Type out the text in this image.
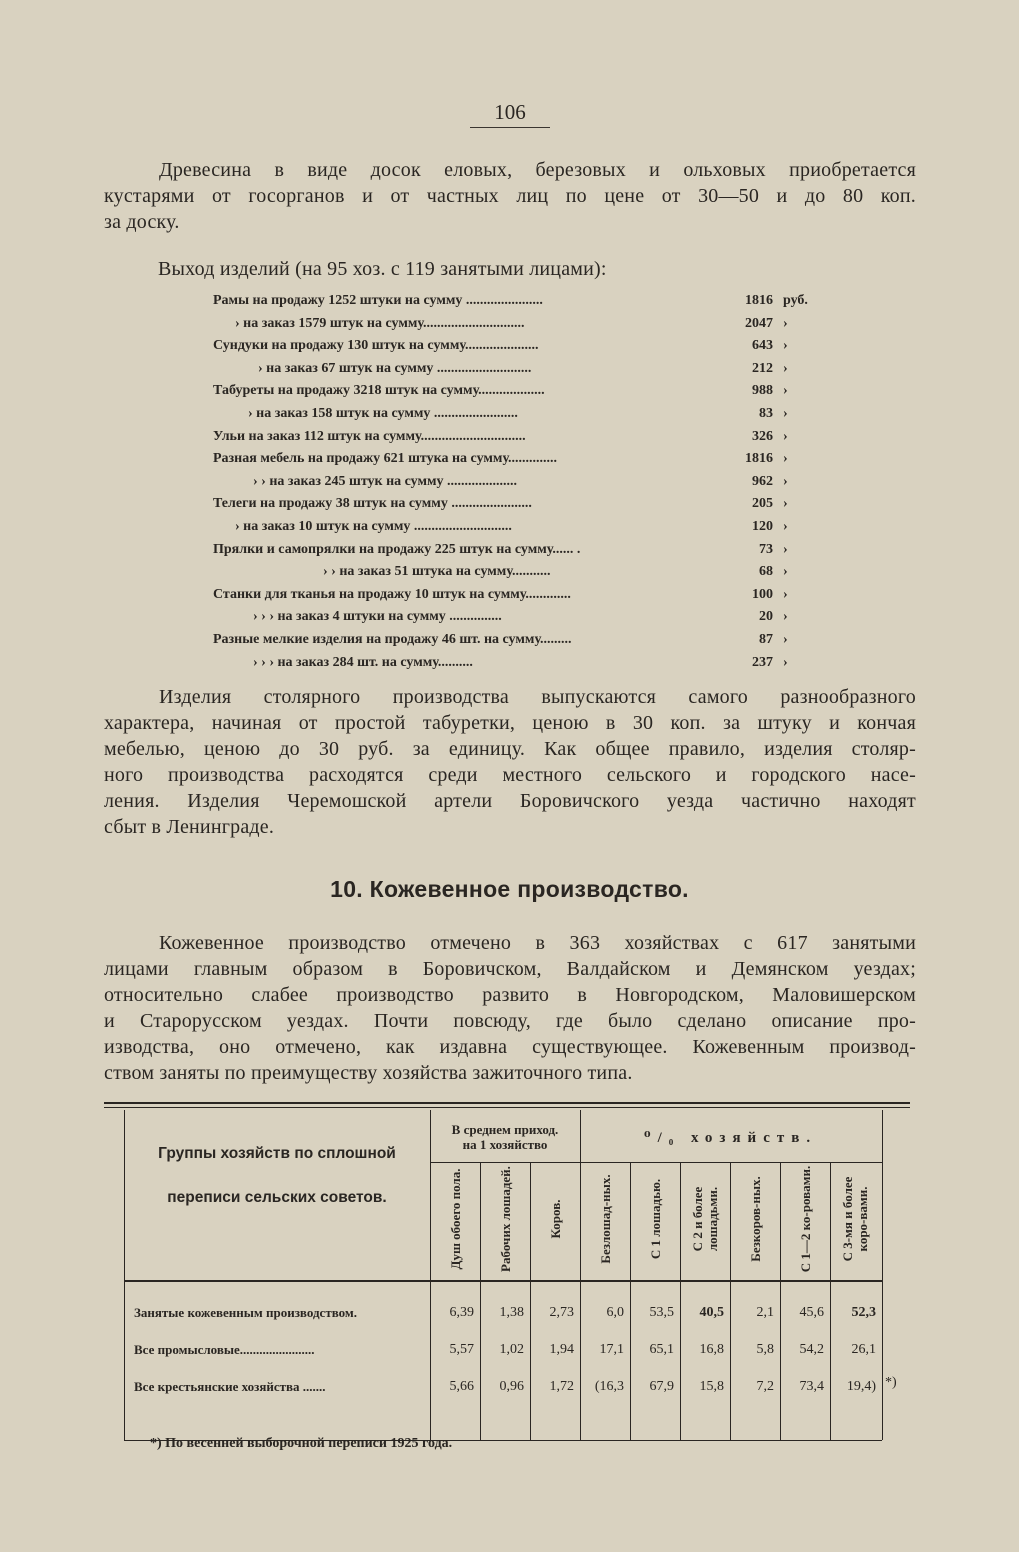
106
Древесина в виде досок еловых, березовых и ольховых приобретается
кустарями от госорганов и от частных лиц по цене от 30—50 и до 80 коп.
за доску.
Выход изделий (на 95 хоз. с 119 занятыми лицами):
Рамы на продажу 1252 штуки на сумму ......................	1816 руб.
› на заказ 1579 штук на сумму.............................	2047 ›
Сундуки на продажу 130 штук на сумму.....................	643 ›
› на заказ 67 штук на сумму ...........................	212 ›
Табуреты на продажу 3218 штук на сумму...................	988 ›
› на заказ 158 штук на сумму ........................	83 ›
Ульи на заказ 112 штук на сумму..............................	326 ›
Разная мебель на продажу 621 штука на сумму..............	1816 ›
› › на заказ 245 штук на сумму ....................	962 ›
Телеги на продажу 38 штук на сумму .......................	205 ›
› на заказ 10 штук на сумму ............................	120 ›
Прялки и самопрялки на продажу 225 штук на сумму...... .	73 ›
› › на заказ 51 штука на сумму...........	68 ›
Станки для тканья на продажу 10 штук на сумму.............	100 ›
› › › на заказ 4 штуки на сумму ...............	20 ›
Разные мелкие изделия на продажу 46 шт. на сумму.........	87 ›
› › › на заказ 284 шт. на сумму..........	237 ›
Изделия столярного производства выпускаются самого разнообразного
характера, начиная от простой табуретки, ценою в 30 коп. за штуку и кончая
мебелью, ценою до 30 руб. за единицу. Как общее правило, изделия столяр-
ного производства расходятся среди местного сельского и городского насе-
ления. Изделия Черемошской артели Боровичского уезда частично находят
сбыт в Ленинграде.
10. Кожевенное производство.
Кожевенное производство отмечено в 363 хозяйствах с 617 занятыми
лицами главным образом в Боровичском, Валдайском и Демянском уездах;
относительно слабее производство развито в Новгородском, Маловишерском
и Старорусском уездах. Почти повсюду, где было сделано описание про-
изводства, оно отмечено, как издавна существующее. Кожевенным производ-
ством заняты по преимуществу хозяйства зажиточного типа.
Группы хозяйств по сплошной
переписи сельских советов.
В среднем приход.
на 1 хозяйство	⁰/₀ хозяйств.
Душ обоего пола.	Рабочих лошадей.	Коров.	Безлошад-ных.	С 1 лошадью.	С 2 и более лошадьми.	Безкоров-ных.	С 1—2 ко-ровами.	С 3-мя и более коро-вами.
Занятые кожевенным производством.	6,39	1,38	2,73	6,0	53,5	40,5	2,1	45,6	52,3
Все промысловые.......................	5,57	1,02	1,94	17,1	65,1	16,8	5,8	54,2	26,1
Все крестьянские хозяйства .......	5,66	0,96	1,72	(16,3	67,9	15,8	7,2	73,4	19,4) *)
*) По весенней выборочной переписи 1925 года.
